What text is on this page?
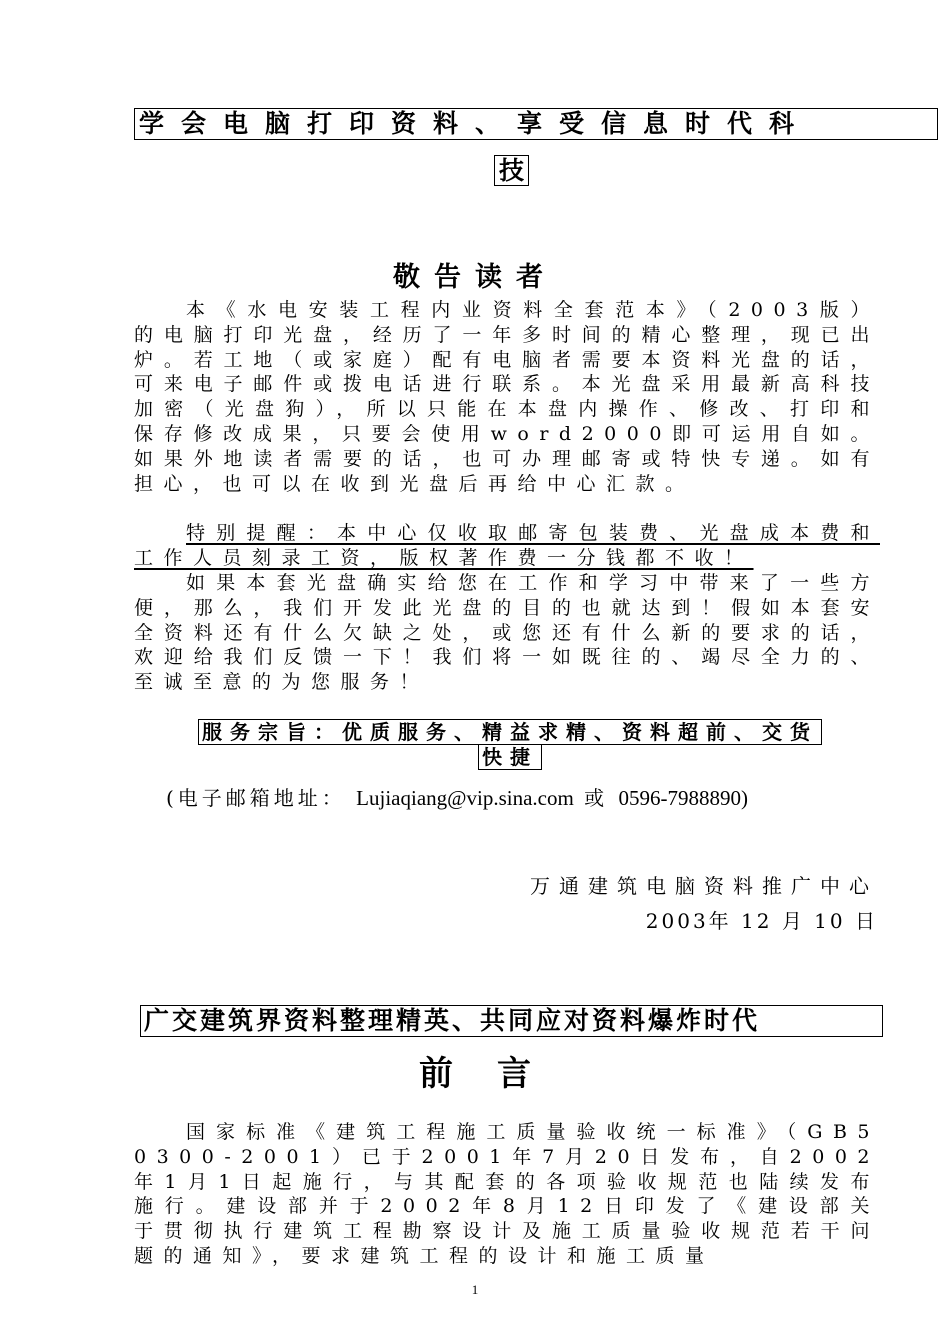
学会电脑打印资料、享受信息时代科
技
敬告读者
本《水电安装工程内业资料全套范本》（2003版）的电脑打印光盘，经历了一年多时间的精心整理，现已出炉。若工地（或家庭）配有电脑者需要本资料光盘的话，可来电子邮件或拨电话进行联系。本光盘采用最新高科技加密（光盘狗），所以只能在本盘内操作、修改、打印和保存修改成果，只要会使用word2000即可运用自如。如果外地读者需要的话，也可办理邮寄或特快专递。如有担心，也可以在收到光盘后再给中心汇款。
特别提醒：本中心仅收取邮寄包装费、光盘成本费和工作人员刻录工资，版权著作费一分钱都不收！
如果本套光盘确实给您在工作和学习中带来了一些方便，那么，我们开发此光盘的目的也就达到！假如本套安全资料还有什么欠缺之处，或您还有什么新的要求的话，欢迎给我们反馈一下！我们将一如既往的、竭尽全力的、至诚至意的为您服务！
服务宗旨：优质服务、精益求精、资料超前、交货
快捷
(电子邮箱地址： Lujiaqiang@vip.sina.com 或 0596-7988890)
万通建筑电脑资料推广中心
2003年 12 月 10 日
广交建筑界资料整理精英、共同应对资料爆炸时代
前言
国家标准《建筑工程施工质量验收统一标准》（GB50300-2001）已于2001年7月20日发布，自2002年1月1日起施行，与其配套的各项验收规范也陆续发布施行。建设部并于2002年8月12日印发了《建设部关于贯彻执行建筑工程勘察设计及施工质量验收规范若干问题的通知》，要求建筑工程的设计和施工质量
1
